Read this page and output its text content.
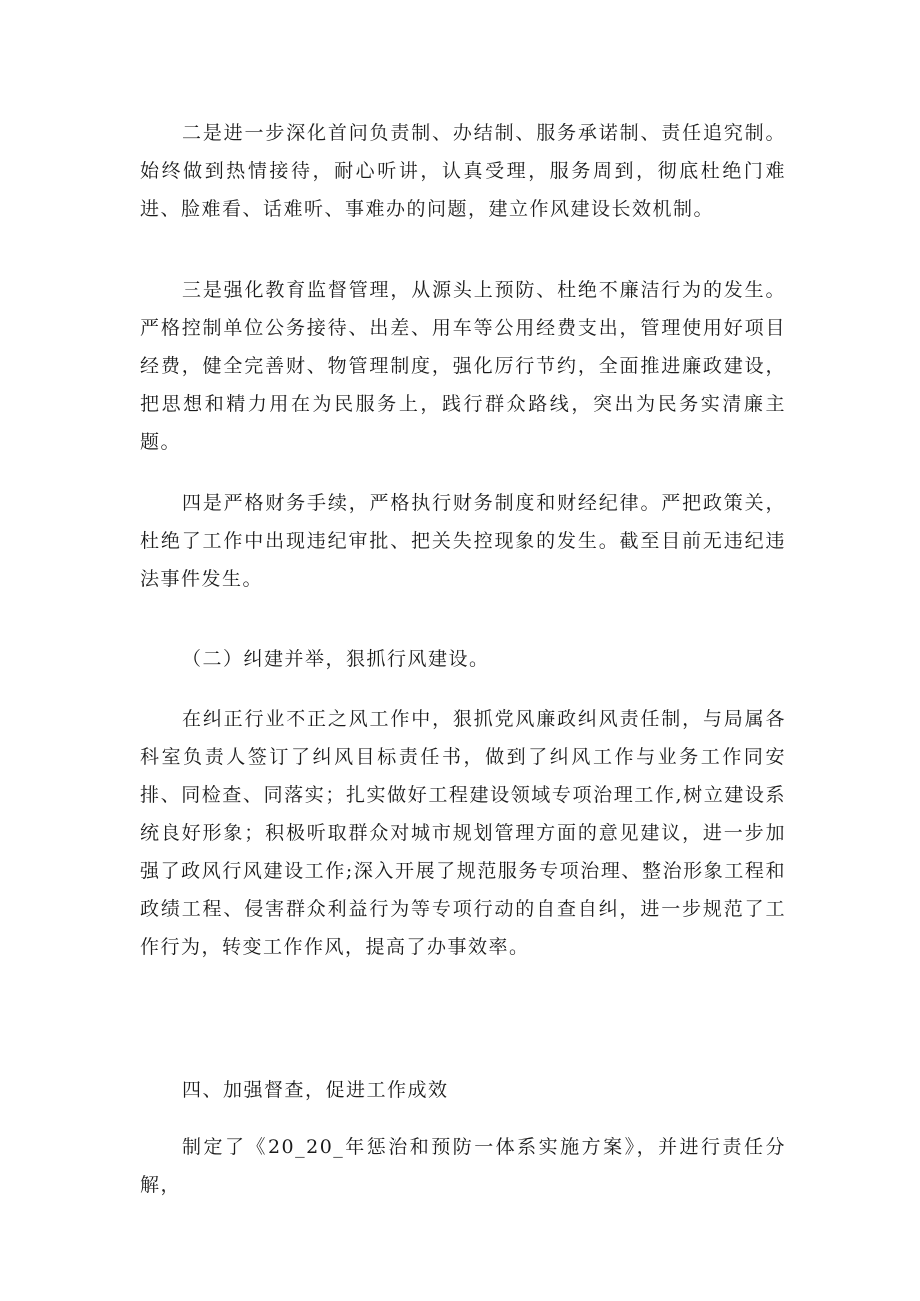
二是进一步深化首问负责制、办结制、服务承诺制、责任追究制。始终做到热情接待，耐心听讲，认真受理，服务周到，彻底杜绝门难进、脸难看、话难听、事难办的问题，建立作风建设长效机制。

三是强化教育监督管理，从源头上预防、杜绝不廉洁行为的发生。严格控制单位公务接待、出差、用车等公用经费支出，管理使用好项目经费，健全完善财、物管理制度，强化厉行节约，全面推进廉政建设，把思想和精力用在为民服务上，践行群众路线，突出为民务实清廉主题。

四是严格财务手续，严格执行财务制度和财经纪律。严把政策关，杜绝了工作中出现违纪审批、把关失控现象的发生。截至目前无违纪违法事件发生。

（二）纠建并举，狠抓行风建设。

在纠正行业不正之风工作中，狠抓党风廉政纠风责任制，与局属各科室负责人签订了纠风目标责任书，做到了纠风工作与业务工作同安排、同检查、同落实；扎实做好工程建设领域专项治理工作,树立建设系统良好形象；积极听取群众对城市规划管理方面的意见建议，进一步加强了政风行风建设工作;深入开展了规范服务专项治理、整治形象工程和政绩工程、侵害群众利益行为等专项行动的自查自纠，进一步规范了工作行为，转变工作作风，提高了办事效率。

四、加强督查，促进工作成效

制定了《20_20_年惩治和预防一体系实施方案》，并进行责任分解，
